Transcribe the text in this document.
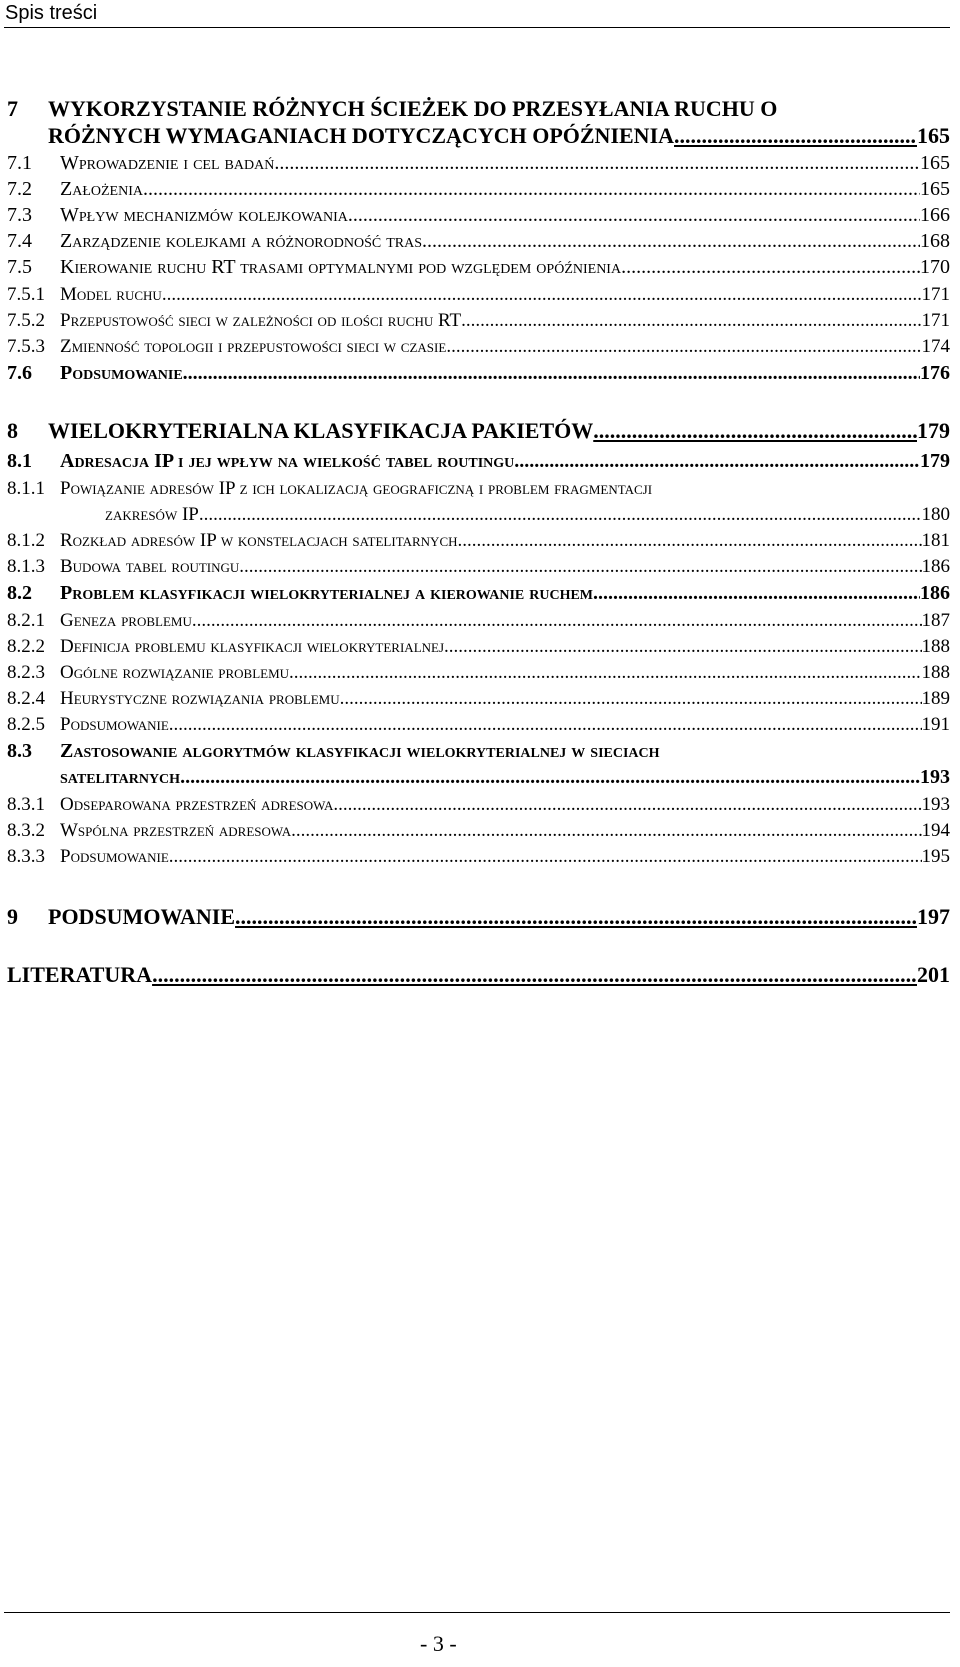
Spis treści
7 WYKORZYSTANIE RÓŻNYCH ŚCIEŻEK DO PRZESYŁANIA RUCHU O
RÓŻNYCH WYMAGANIACH DOTYCZĄCYCH OPÓŹNIENIA .....	165
7.1 Wprowadzenie i cel badań .....	165
7.2 Założenia .....	165
7.3 Wpływ mechanizmów kolejkowania .....	166
7.4 Zarządzenie kolejkami a różnorodność tras .....	168
7.5 Kierowanie ruchu RT trasami optymalnymi pod względem opóźnienia .....	170
7.5.1 Model ruchu .....	171
7.5.2 Przepustowość sieci w zależności od ilości ruchu RT .....	171
7.5.3 Zmienność topologii i przepustowości sieci w czasie .....	174
7.6 Podsumowanie .....	176
8 WIELOKRYTERIALNA KLASYFIKACJA PAKIETÓW .....	179
8.1 Adresacja IP i jej wpływ na wielkość tabel routingu .....	179
8.1.1 Powiązanie adresów IP z ich lokalizacją geograficzną i problem fragmentacji
zakresów IP .....	180
8.1.2 Rozkład adresów IP w konstelacjach satelitarnych .....	181
8.1.3 Budowa tabel routingu .....	186
8.2 Problem klasyfikacji wielokryterialnej a kierowanie ruchem .....	186
8.2.1 Geneza problemu .....	187
8.2.2 Definicja problemu klasyfikacji wielokryterialnej .....	188
8.2.3 Ogólne rozwiązanie problemu .....	188
8.2.4 Heurystyczne rozwiązania problemu .....	189
8.2.5 Podsumowanie .....	191
8.3 Zastosowanie algorytmów klasyfikacji wielokryterialnej w sieciach
satelitarnych .....	193
8.3.1 Odseparowana przestrzeń adresowa .....	193
8.3.2 Wspólna przestrzeń adresowa .....	194
8.3.3 Podsumowanie .....	195
9 PODSUMOWANIE .....	197
LITERATURA .....	201
- 3 -
